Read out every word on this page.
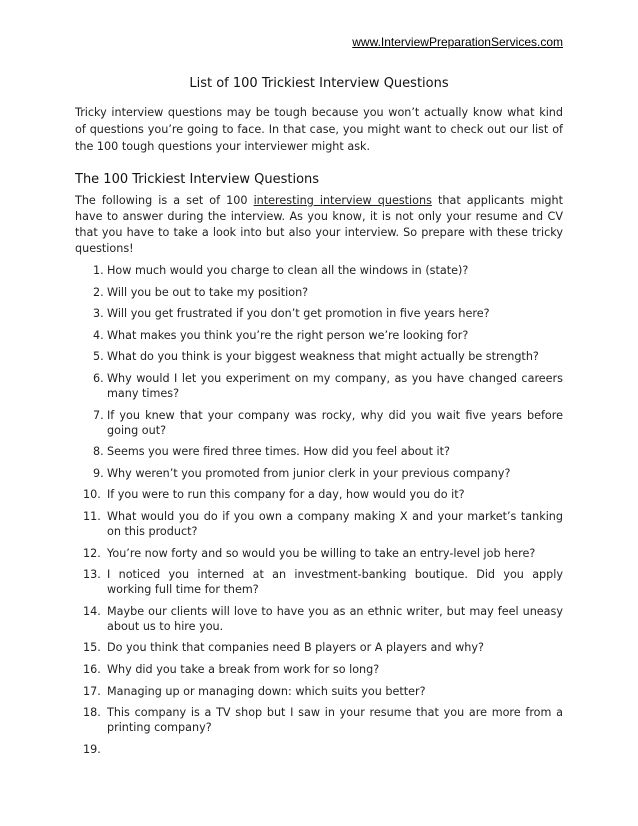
www.InterviewPreparationServices.com
List of 100 Trickiest Interview Questions

Tricky interview questions may be tough because you won’t actually know what kind of questions you’re going to face. In that case, you might want to check out our list of the 100 tough questions your interviewer might ask.

The 100 Trickiest Interview Questions

The following is a set of 100 interesting interview questions that applicants might have to answer during the interview. As you know, it is not only your resume and CV that you have to take a look into but also your interview. So prepare with these tricky questions!

1. How much would you charge to clean all the windows in (state)?
2. Will you be out to take my position?
3. Will you get frustrated if you don’t get promotion in five years here?
4. What makes you think you’re the right person we’re looking for?
5. What do you think is your biggest weakness that might actually be strength?
6. Why would I let you experiment on my company, as you have changed careers many times?
7. If you knew that your company was rocky, why did you wait five years before going out?
8. Seems you were fired three times. How did you feel about it?
9. Why weren’t you promoted from junior clerk in your previous company?
10. If you were to run this company for a day, how would you do it?
11. What would you do if you own a company making X and your market’s tanking on this product?
12. You’re now forty and so would you be willing to take an entry-level job here?
13. I noticed you interned at an investment-banking boutique. Did you apply working full time for them?
14. Maybe our clients will love to have you as an ethnic writer, but may feel uneasy about us to hire you.
15. Do you think that companies need B players or A players and why?
16. Why did you take a break from work for so long?
17. Managing up or managing down: which suits you better?
18. This company is a TV shop but I saw in your resume that you are more from a printing company?
19.
